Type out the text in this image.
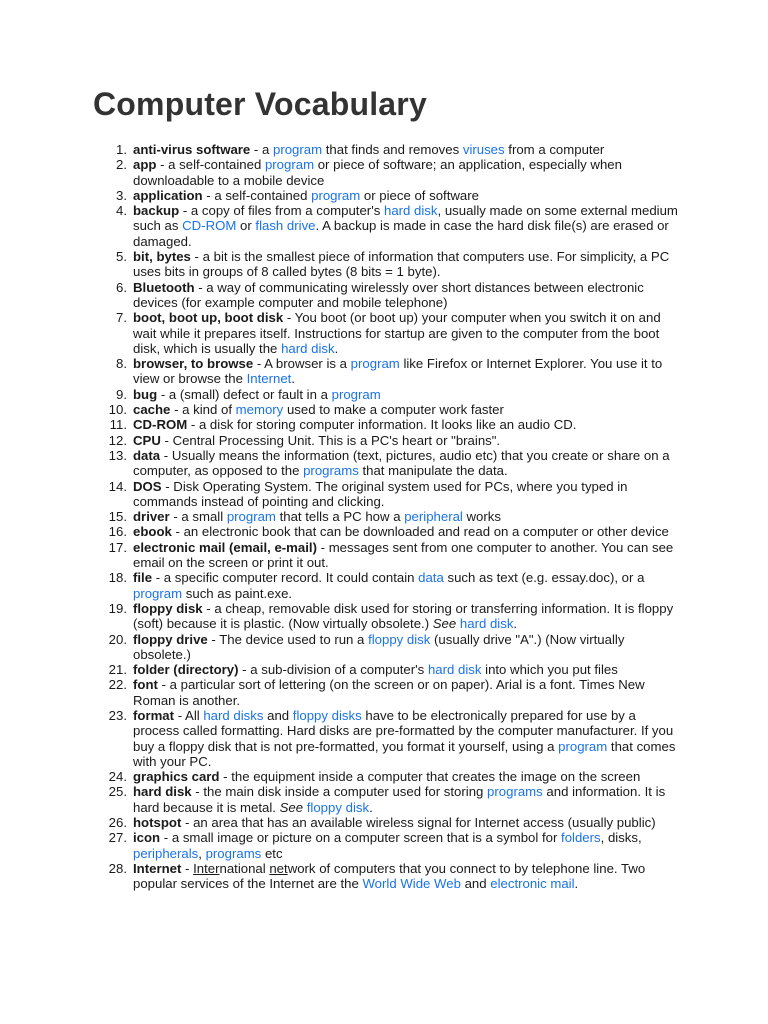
Computer Vocabulary
1. anti-virus software - a program that finds and removes viruses from a computer
2. app - a self-contained program or piece of software; an application, especially when downloadable to a mobile device
3. application - a self-contained program or piece of software
4. backup - a copy of files from a computer's hard disk, usually made on some external medium such as CD-ROM or flash drive. A backup is made in case the hard disk file(s) are erased or damaged.
5. bit, bytes - a bit is the smallest piece of information that computers use. For simplicity, a PC uses bits in groups of 8 called bytes (8 bits = 1 byte).
6. Bluetooth - a way of communicating wirelessly over short distances between electronic devices (for example computer and mobile telephone)
7. boot, boot up, boot disk - You boot (or boot up) your computer when you switch it on and wait while it prepares itself. Instructions for startup are given to the computer from the boot disk, which is usually the hard disk.
8. browser, to browse - A browser is a program like Firefox or Internet Explorer. You use it to view or browse the Internet.
9. bug - a (small) defect or fault in a program
10. cache - a kind of memory used to make a computer work faster
11. CD-ROM - a disk for storing computer information. It looks like an audio CD.
12. CPU - Central Processing Unit. This is a PC's heart or "brains".
13. data - Usually means the information (text, pictures, audio etc) that you create or share on a computer, as opposed to the programs that manipulate the data.
14. DOS - Disk Operating System. The original system used for PCs, where you typed in commands instead of pointing and clicking.
15. driver - a small program that tells a PC how a peripheral works
16. ebook - an electronic book that can be downloaded and read on a computer or other device
17. electronic mail (email, e-mail) - messages sent from one computer to another. You can see email on the screen or print it out.
18. file - a specific computer record. It could contain data such as text (e.g. essay.doc), or a program such as paint.exe.
19. floppy disk - a cheap, removable disk used for storing or transferring information. It is floppy (soft) because it is plastic. (Now virtually obsolete.) See hard disk.
20. floppy drive - The device used to run a floppy disk (usually drive "A".) (Now virtually obsolete.)
21. folder (directory) - a sub-division of a computer's hard disk into which you put files
22. font - a particular sort of lettering (on the screen or on paper). Arial is a font. Times New Roman is another.
23. format - All hard disks and floppy disks have to be electronically prepared for use by a process called formatting. Hard disks are pre-formatted by the computer manufacturer. If you buy a floppy disk that is not pre-formatted, you format it yourself, using a program that comes with your PC.
24. graphics card - the equipment inside a computer that creates the image on the screen
25. hard disk - the main disk inside a computer used for storing programs and information. It is hard because it is metal. See floppy disk.
26. hotspot - an area that has an available wireless signal for Internet access (usually public)
27. icon - a small image or picture on a computer screen that is a symbol for folders, disks, peripherals, programs etc
28. Internet - International network of computers that you connect to by telephone line. Two popular services of the Internet are the World Wide Web and electronic mail.
